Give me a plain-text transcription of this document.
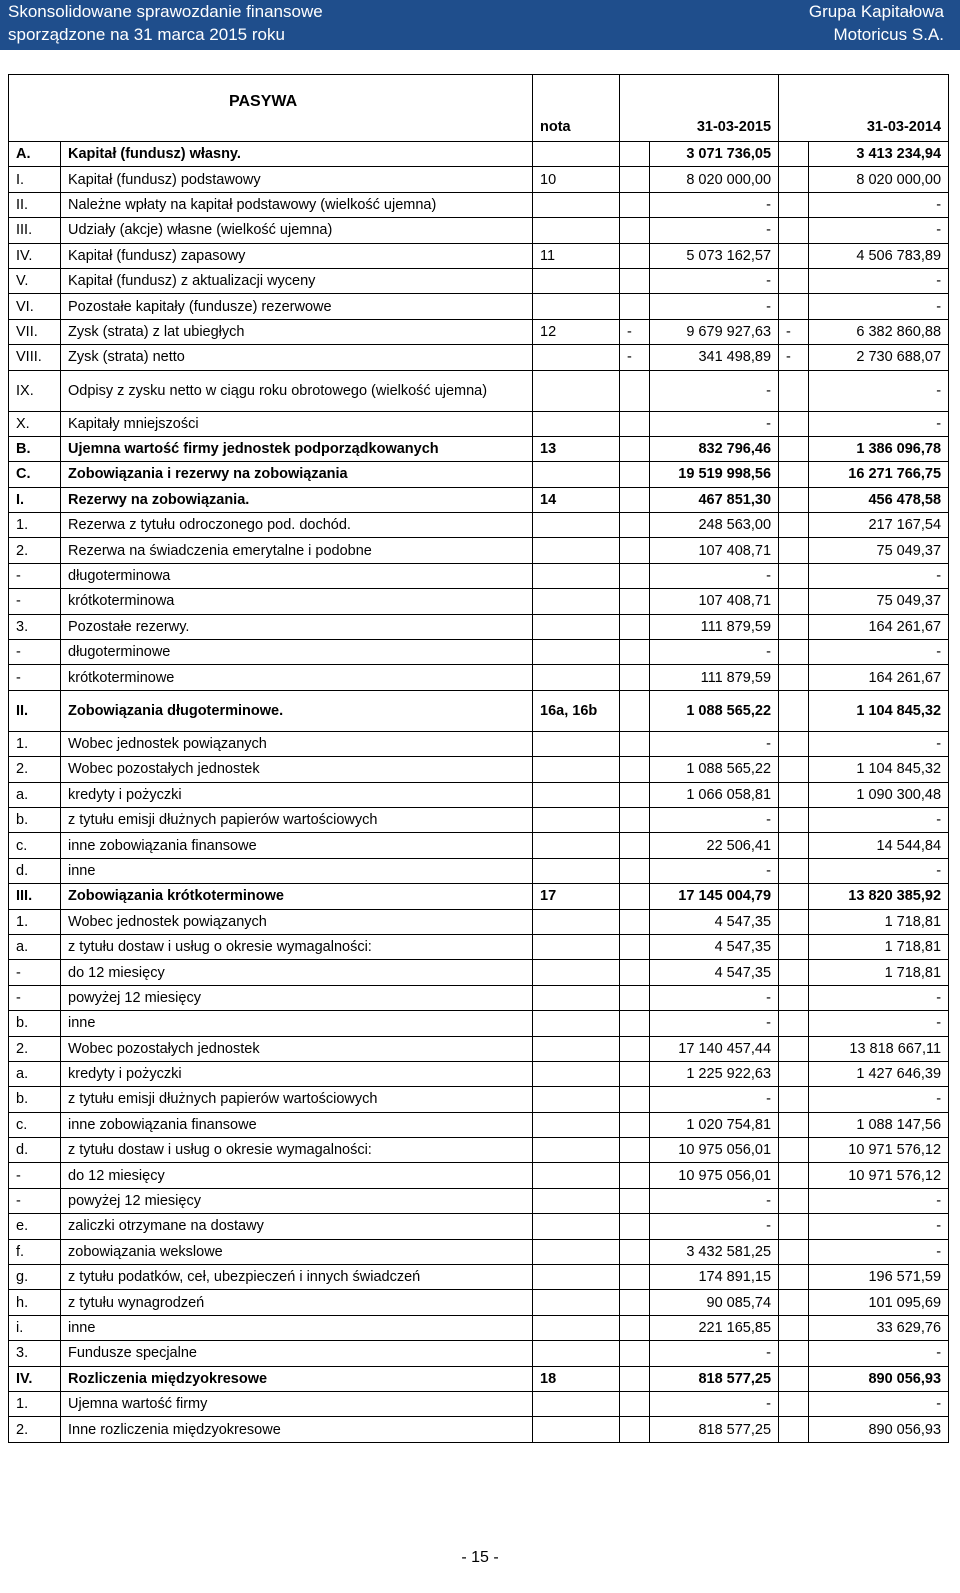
Skonsolidowane sprawozdanie finansowe
sporządzone na 31 marca 2015 roku
Grupa Kapitałowa
Motoricus S.A.
PASYWA		nota	31-03-2015		31-03-2014	
A.	Kapitał (fundusz) własny.			3 071 736,05		3 413 234,94
I.	Kapitał (fundusz) podstawowy	10		8 020 000,00		8 020 000,00
II.	Należne wpłaty na kapitał podstawowy (wielkość ujemna)			-		-
III.	Udziały (akcje) własne (wielkość ujemna)			-		-
IV.	Kapitał (fundusz) zapasowy	11		5 073 162,57		4 506 783,89
V.	Kapitał (fundusz) z aktualizacji wyceny			-		-
VI.	Pozostałe kapitały (fundusze) rezerwowe			-		-
VII.	Zysk (strata) z lat ubiegłych	12	-	9 679 927,63	-	6 382 860,88
VIII.	Zysk (strata) netto		-	341 498,89	-	2 730 688,07
IX.	Odpisy z zysku netto w ciągu roku obrotowego (wielkość ujemna)			-		-
X.	Kapitały mniejszości			-		-
B.	Ujemna wartość firmy jednostek podporządkowanych	13		832 796,46		1 386 096,78
C.	Zobowiązania i rezerwy na zobowiązania			19 519 998,56		16 271 766,75
I.	Rezerwy na zobowiązania.	14		467 851,30		456 478,58
1.	Rezerwa z tytułu odroczonego pod. dochód.			248 563,00		217 167,54
2.	Rezerwa na świadczenia emerytalne i podobne			107 408,71		75 049,37
-	długoterminowa			-		-
-	krótkoterminowa			107 408,71		75 049,37
3.	Pozostałe rezerwy.			111 879,59		164 261,67
-	długoterminowe			-		-
-	krótkoterminowe			111 879,59		164 261,67
II.	Zobowiązania długoterminowe.	16a, 16b		1 088 565,22		1 104 845,32
1.	Wobec jednostek powiązanych			-		-
2.	Wobec pozostałych jednostek			1 088 565,22		1 104 845,32
a.	kredyty i pożyczki			1 066 058,81		1 090 300,48
b.	z tytułu emisji dłużnych papierów wartościowych			-		-
c.	inne zobowiązania finansowe			22 506,41		14 544,84
d.	inne			-		-
III.	Zobowiązania krótkoterminowe	17		17 145 004,79		13 820 385,92
1.	Wobec jednostek powiązanych			4 547,35		1 718,81
a.	z tytułu dostaw i usług o okresie wymagalności:			4 547,35		1 718,81
-	do 12 miesięcy			4 547,35		1 718,81
-	powyżej 12 miesięcy			-		-
b.	inne			-		-
2.	Wobec pozostałych jednostek			17 140 457,44		13 818 667,11
a.	kredyty i pożyczki			1 225 922,63		1 427 646,39
b.	z tytułu emisji dłużnych papierów wartościowych			-		-
c.	inne zobowiązania finansowe			1 020 754,81		1 088 147,56
d.	z tytułu dostaw i usług o okresie wymagalności:			10 975 056,01		10 971 576,12
-	do 12 miesięcy			10 975 056,01		10 971 576,12
-	powyżej 12 miesięcy			-		-
e.	zaliczki otrzymane na dostawy			-		-
f.	zobowiązania wekslowe			3 432 581,25		-
g.	z tytułu podatków, ceł, ubezpieczeń i innych świadczeń			174 891,15		196 571,59
h.	z tytułu wynagrodzeń			90 085,74		101 095,69
i.	inne			221 165,85		33 629,76
3.	Fundusze specjalne			-		-
IV.	Rozliczenia międzyokresowe	18		818 577,25		890 056,93
1.	Ujemna wartość firmy			-		-
2.	Inne rozliczenia międzyokresowe			818 577,25		890 056,93
- 15 -
